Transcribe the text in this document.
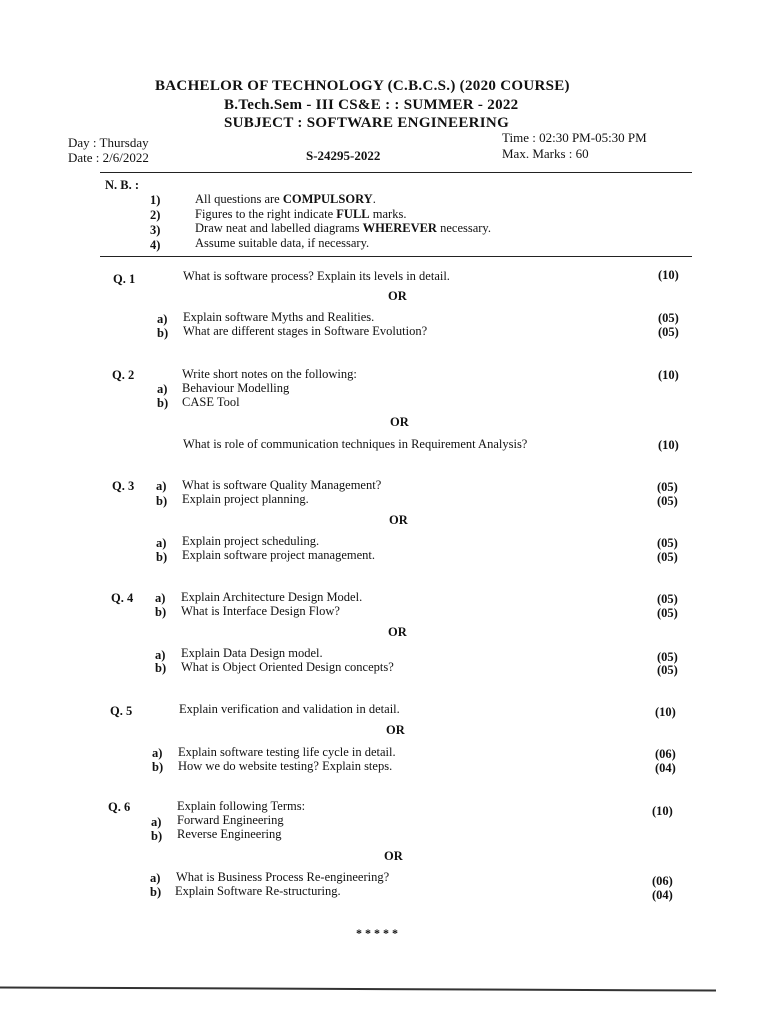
BACHELOR OF TECHNOLOGY (C.B.C.S.) (2020 COURSE)
B.Tech.Sem - III CS&E : : SUMMER - 2022
SUBJECT : SOFTWARE ENGINEERING
Day : Thursday
Date : 2/6/2022	S-24295-2022
Time : 02:30 PM-05:30 PM
Max. Marks : 60
N. B. :
1)	All questions are COMPULSORY.
2)	Figures to the right indicate FULL marks.
3)	Draw neat and labelled diagrams WHEREVER necessary.
4)	Assume suitable data, if necessary.
Q. 1	What is software process? Explain its levels in detail.	(10)
OR
a) Explain software Myths and Realities.	(05)
b) What are different stages in Software Evolution?	(05)
Q. 2	Write short notes on the following:	(10)
a) Behaviour Modelling
b) CASE Tool
OR
What is role of communication techniques in Requirement Analysis?	(10)
Q. 3 a) What is software Quality Management?	(05)
b) Explain project planning.	(05)
OR
a) Explain project scheduling.	(05)
b) Explain software project management.	(05)
Q. 4 a) Explain Architecture Design Model.	(05)
b) What is Interface Design Flow?	(05)
OR
a) Explain Data Design model.	(05)
b) What is Object Oriented Design concepts?	(05)
Q. 5	Explain verification and validation in detail.	(10)
OR
a) Explain software testing life cycle in detail.	(06)
b) How we do website testing? Explain steps.	(04)
Q. 6	Explain following Terms:	(10)
a) Forward Engineering
b) Reverse Engineering
OR
a) What is Business Process Re-engineering?	(06)
b) Explain Software Re-structuring.	(04)
* * * * *
